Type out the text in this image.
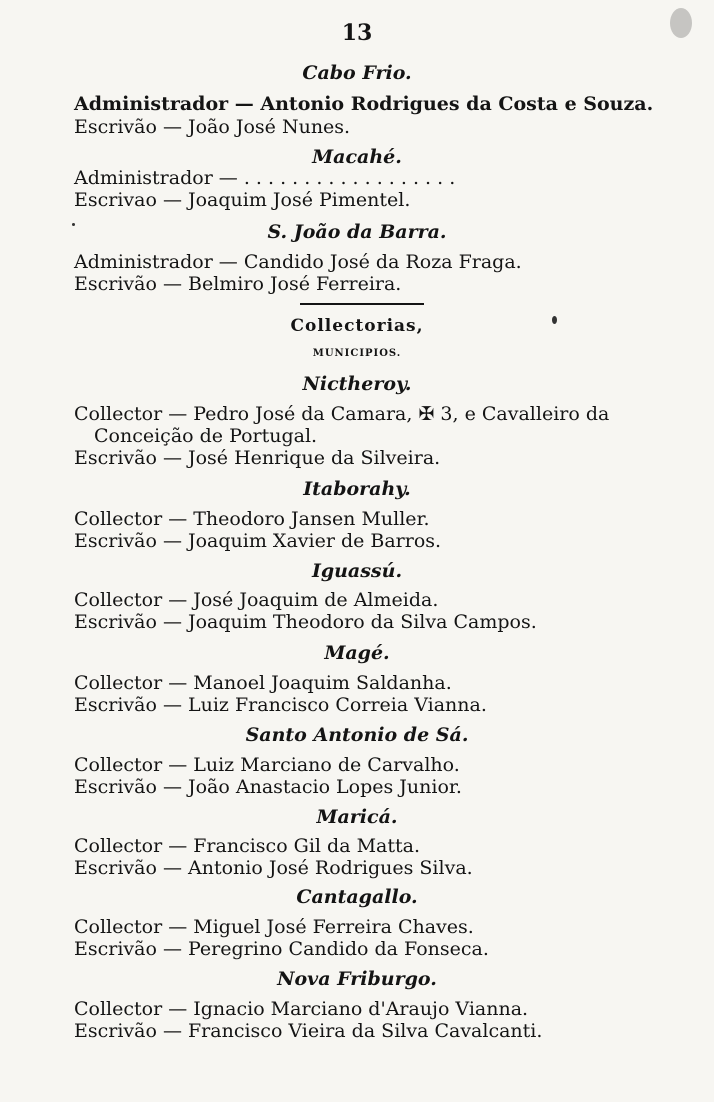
13
Cabo Frio.
Administrador — Antonio Rodrigues da Costa e Souza.
Escrivão — João José Nunes.
Macahé.
Administrador — . . . . . . . . . . . . . . . . . .
Escrivao — Joaquim José Pimentel.
S. João da Barra.
Administrador — Candido José da Roza Fraga.
Escrivão — Belmiro José Ferreira.
Collectorias,
MUNICIPIOS.
Nictheroy.
Collector — Pedro José da Camara, ✠ 3, e Cavalleiro da
Conceição de Portugal.
Escrivão — José Henrique da Silveira.
Itaborahy.
Collector — Theodoro Jansen Muller.
Escrivão — Joaquim Xavier de Barros.
Iguassú.
Collector — José Joaquim de Almeida.
Escrivão — Joaquim Theodoro da Silva Campos.
Magé.
Collector — Manoel Joaquim Saldanha.
Escrivão — Luiz Francisco Correia Vianna.
Santo Antonio de Sá.
Collector — Luiz Marciano de Carvalho.
Escrivão — João Anastacio Lopes Junior.
Maricá.
Collector — Francisco Gil da Matta.
Escrivão — Antonio José Rodrigues Silva.
Cantagallo.
Collector — Miguel José Ferreira Chaves.
Escrivão — Peregrino Candido da Fonseca.
Nova Friburgo.
Collector — Ignacio Marciano d'Araujo Vianna.
Escrivão — Francisco Vieira da Silva Cavalcanti.
